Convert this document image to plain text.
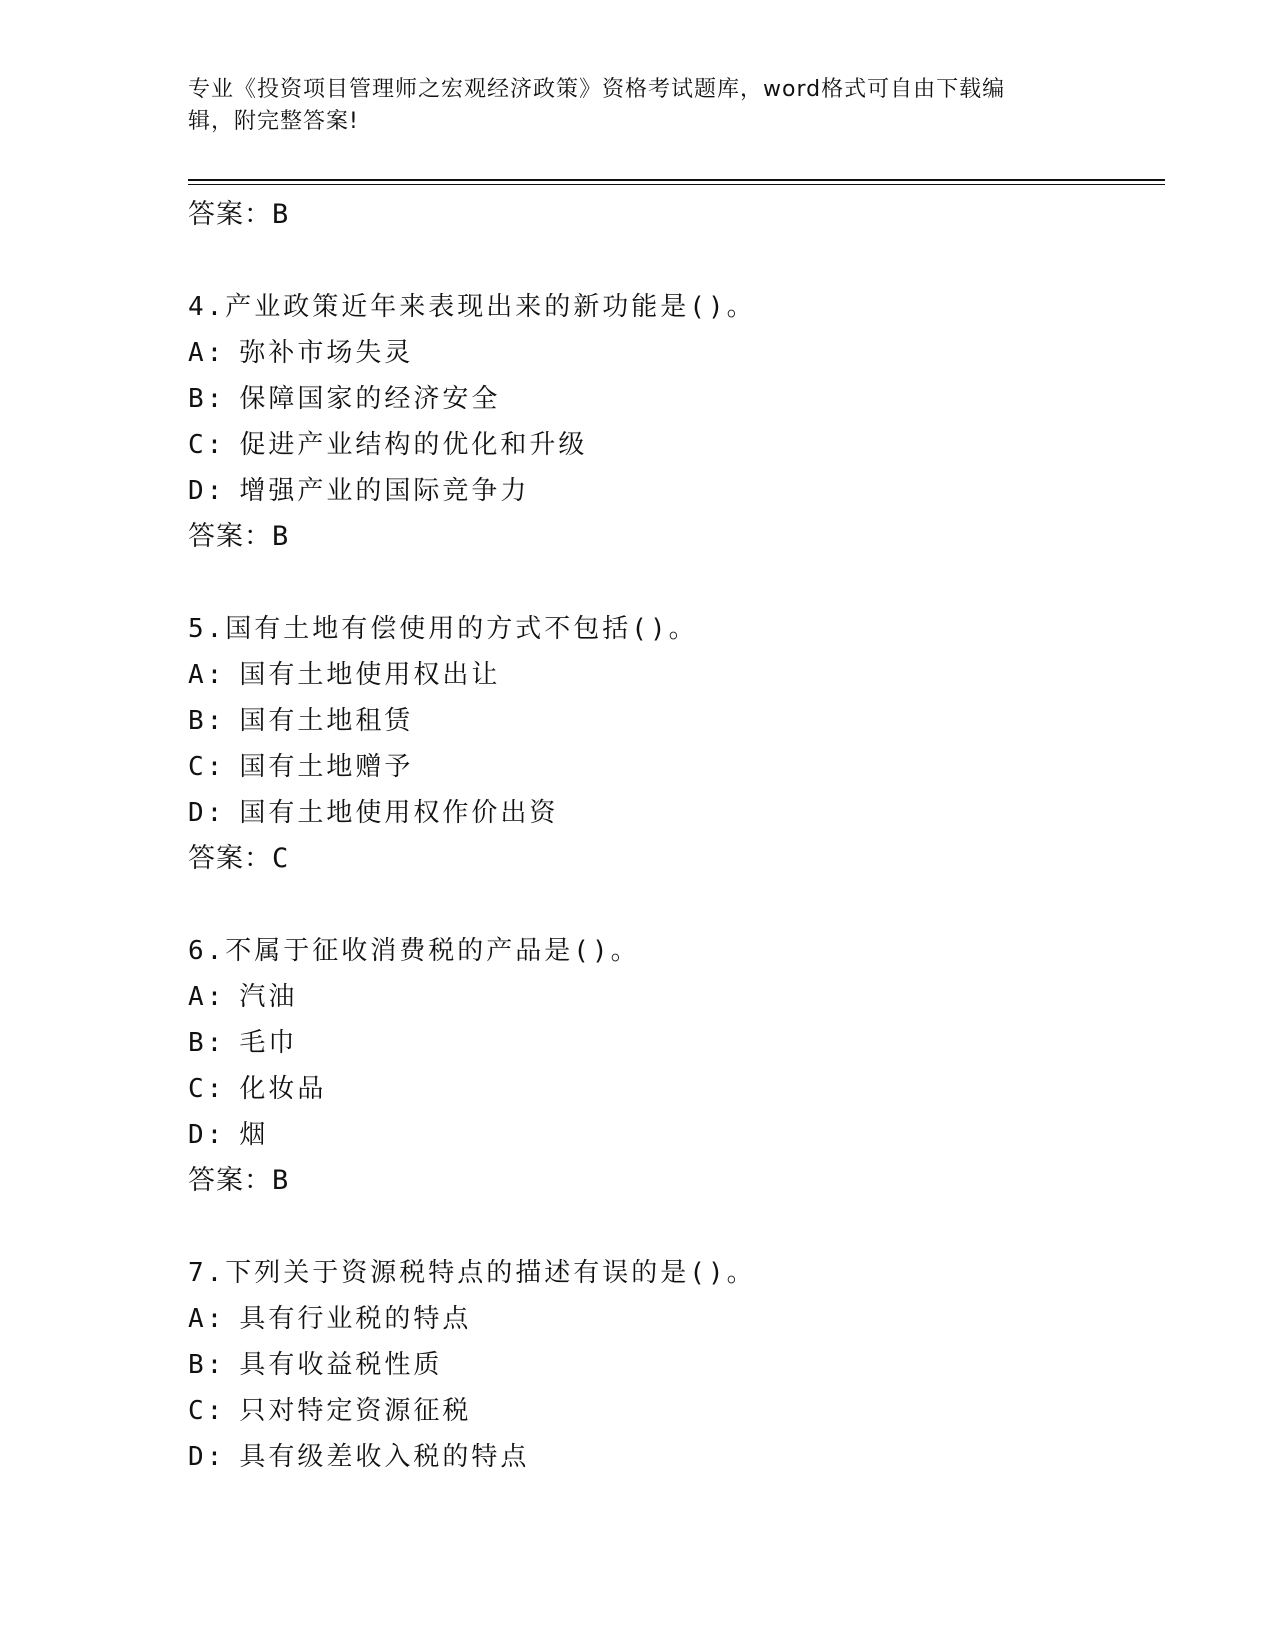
专业《投资项目管理师之宏观经济政策》资格考试题库，word格式可自由下载编
辑，附完整答案!
答案：B
4.产业政策近年来表现出来的新功能是()。
A: 弥补市场失灵
B: 保障国家的经济安全
C: 促进产业结构的优化和升级
D: 增强产业的国际竞争力
答案：B
5.国有土地有偿使用的方式不包括()。
A: 国有土地使用权出让
B: 国有土地租赁
C: 国有土地赠予
D: 国有土地使用权作价出资
答案：C
6.不属于征收消费税的产品是()。
A: 汽油
B: 毛巾
C: 化妆品
D: 烟
答案：B
7.下列关于资源税特点的描述有误的是()。
A: 具有行业税的特点
B: 具有收益税性质
C: 只对特定资源征税
D: 具有级差收入税的特点
